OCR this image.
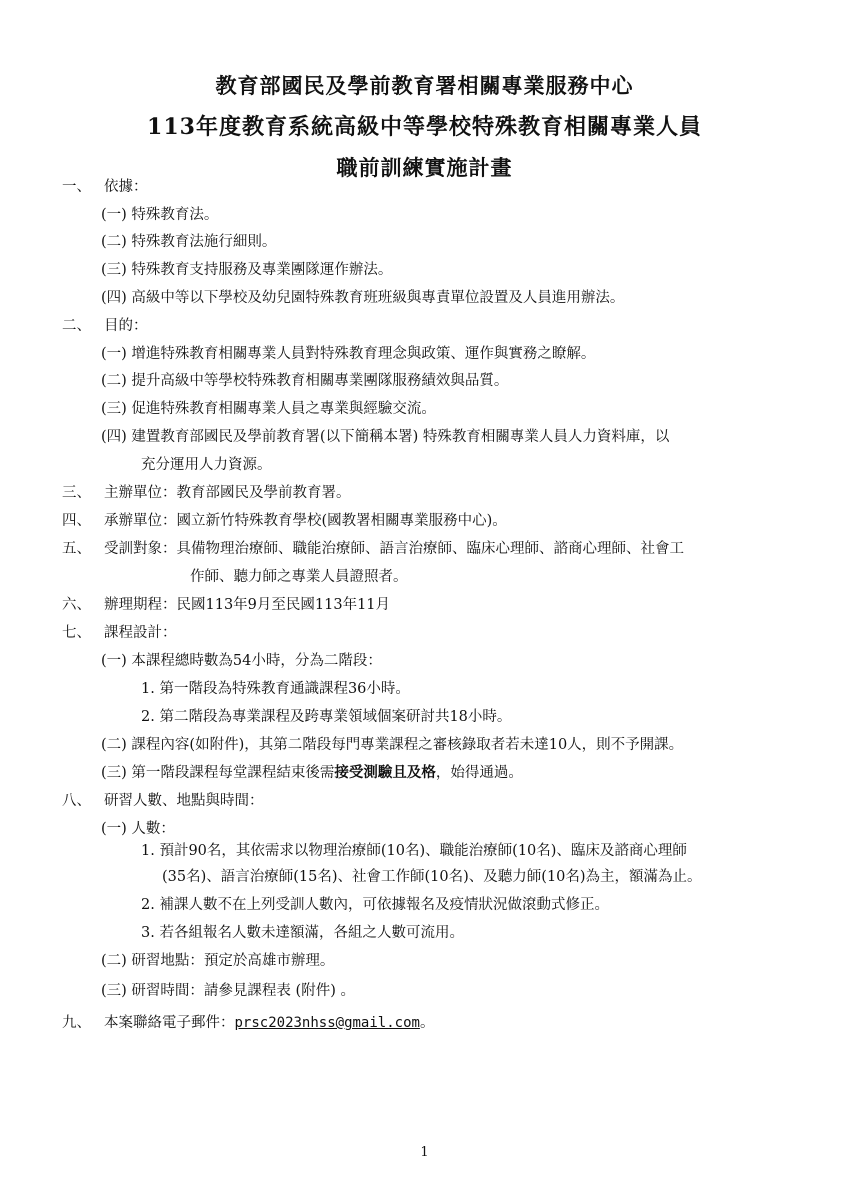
教育部國民及學前教育署相關專業服務中心
113年度教育系統高級中等學校特殊教育相關專業人員
職前訓練實施計畫
一、 依據：
(一) 特殊教育法。
(二) 特殊教育法施行細則。
(三) 特殊教育支持服務及專業團隊運作辦法。
(四) 高級中等以下學校及幼兒園特殊教育班班級與專責單位設置及人員進用辦法。
二、 目的：
(一) 增進特殊教育相關專業人員對特殊教育理念與政策、運作與實務之瞭解。
(二) 提升高級中等學校特殊教育相關專業團隊服務績效與品質。
(三) 促進特殊教育相關專業人員之專業與經驗交流。
(四) 建置教育部國民及學前教育署(以下簡稱本署) 特殊教育相關專業人員人力資料庫，以
充分運用人力資源。
三、 主辦單位：教育部國民及學前教育署。
四、 承辦單位：國立新竹特殊教育學校(國教署相關專業服務中心)。
五、 受訓對象：具備物理治療師、職能治療師、語言治療師、臨床心理師、諮商心理師、社會工
作師、聽力師之專業人員證照者。
六、 辦理期程：民國113年9月至民國113年11月
七、 課程設計：
(一) 本課程總時數為54小時，分為二階段：
1. 第一階段為特殊教育通識課程36小時。
2. 第二階段為專業課程及跨專業領域個案研討共18小時。
(二) 課程內容(如附件)，其第二階段每門專業課程之審核錄取者若未達10人，則不予開課。
(三) 第一階段課程每堂課程結束後需接受測驗且及格，始得通過。
八、 研習人數、地點與時間：
(一) 人數：
1. 預計90名，其依需求以物理治療師(10名)、職能治療師(10名)、臨床及諮商心理師
(35名)、語言治療師(15名)、社會工作師(10名)、及聽力師(10名)為主，額滿為止。
2. 補課人數不在上列受訓人數內，可依據報名及疫情狀況做滾動式修正。
3. 若各組報名人數未達額滿，各組之人數可流用。
(二) 研習地點：預定於高雄市辦理。
(三) 研習時間：請參見課程表 (附件) 。
九、 本案聯絡電子郵件：prsc2023nhss@gmail.com。
1
